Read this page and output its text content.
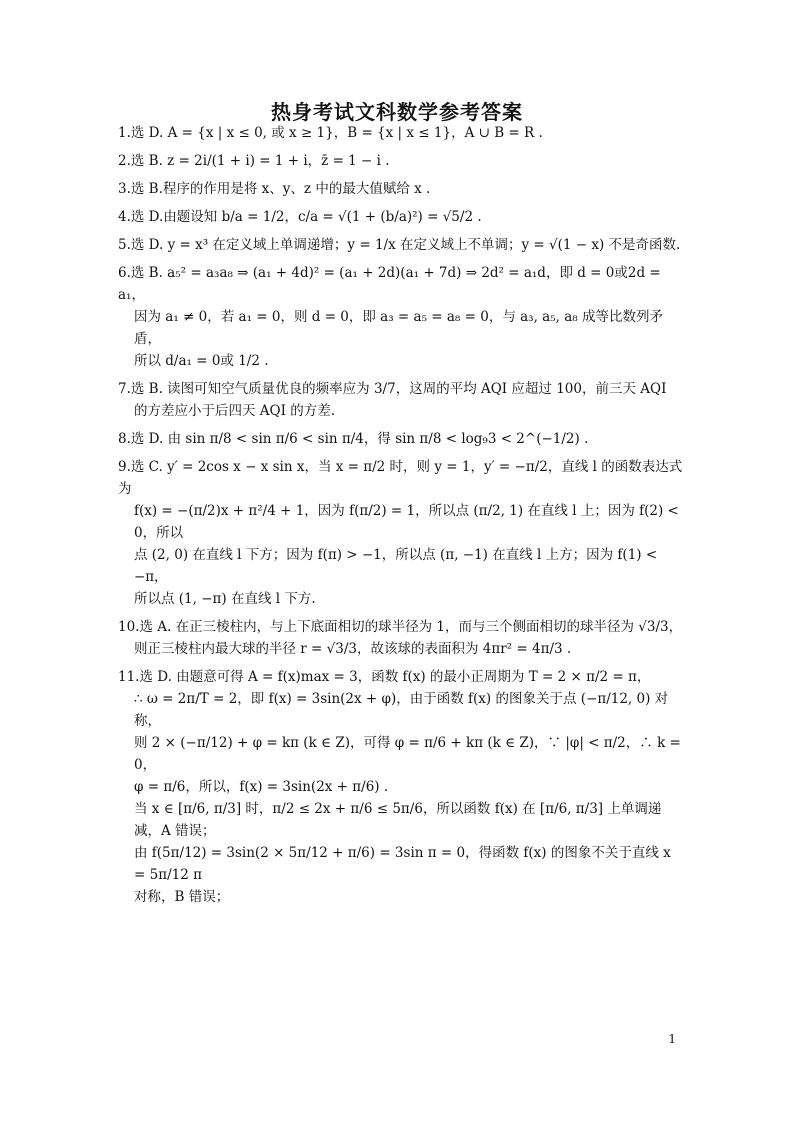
热身考试文科数学参考答案

1.选 D. A = {x | x ≤ 0, 或 x ≥ 1}，B = {x | x ≤ 1}，A ∪ B = R .

2.选 B. z = 2i/(1 + i) = 1 + i，z̄ = 1 − i .

3.选 B.程序的作用是将 x、y、z 中的最大值赋给 x .

4.选 D.由题设知 b/a = 1/2，c/a = √(1 + (b/a)²) = √5/2 .

5.选 D. y = x³ 在定义域上单调递增；y = 1/x 在定义域上不单调；y = √(1 − x) 不是奇函数.

6.选 B. a₅² = a₃a₈ ⇒ (a₁ + 4d)² = (a₁ + 2d)(a₁ + 7d) ⇒ 2d² = a₁d，即 d = 0或2d = a₁，

因为 a₁ ≠ 0，若 a₁ = 0，则 d = 0，即 a₃ = a₅ = a₈ = 0，与 a₃, a₅, a₈ 成等比数列矛盾，

所以 d/a₁ = 0或 1/2 .

7.选 B. 读图可知空气质量优良的频率应为 3/7，这周的平均 AQI 应超过 100，前三天 AQI

的方差应小于后四天 AQI 的方差.

8.选 D. 由 sin π/8 < sin π/6 < sin π/4，得 sin π/8 < log₉3 < 2^(−1/2) .

9.选 C. y′ = 2cos x − x sin x，当 x = π/2 时，则 y = 1，y′ = −π/2，直线 l 的函数表达式为

f(x) = −(π/2)x + π²/4 + 1，因为 f(π/2) = 1，所以点 (π/2, 1) 在直线 l 上；因为 f(2) < 0，所以

点 (2, 0) 在直线 l 下方；因为 f(π) > −1，所以点 (π, −1) 在直线 l 上方；因为 f(1) < −π，

所以点 (1, −π) 在直线 l 下方.

10.选 A. 在正三棱柱内，与上下底面相切的球半径为 1，而与三个侧面相切的球半径为 √3/3，

则正三棱柱内最大球的半径 r = √3/3，故该球的表面积为 4πr² = 4π/3 .

11.选 D. 由题意可得 A = f(x)max = 3，函数 f(x) 的最小正周期为 T = 2 × π/2 = π，

∴ ω = 2π/T = 2，即 f(x) = 3sin(2x + φ)，由于函数 f(x) 的图象关于点 (−π/12, 0) 对称，

则 2 × (−π/12) + φ = kπ (k ∈ Z)，可得 φ = π/6 + kπ (k ∈ Z)，∵ |φ| < π/2，∴ k = 0，

φ = π/6，所以，f(x) = 3sin(2x + π/6) .

当 x ∈ [π/6, π/3] 时，π/2 ≤ 2x + π/6 ≤ 5π/6，所以函数 f(x) 在 [π/6, π/3] 上单调递减，A 错误；

由 f(5π/12) = 3sin(2 × 5π/12 + π/6) = 3sin π = 0，得函数 f(x) 的图象不关于直线 x = 5π/12 π

对称，B 错误；

1
